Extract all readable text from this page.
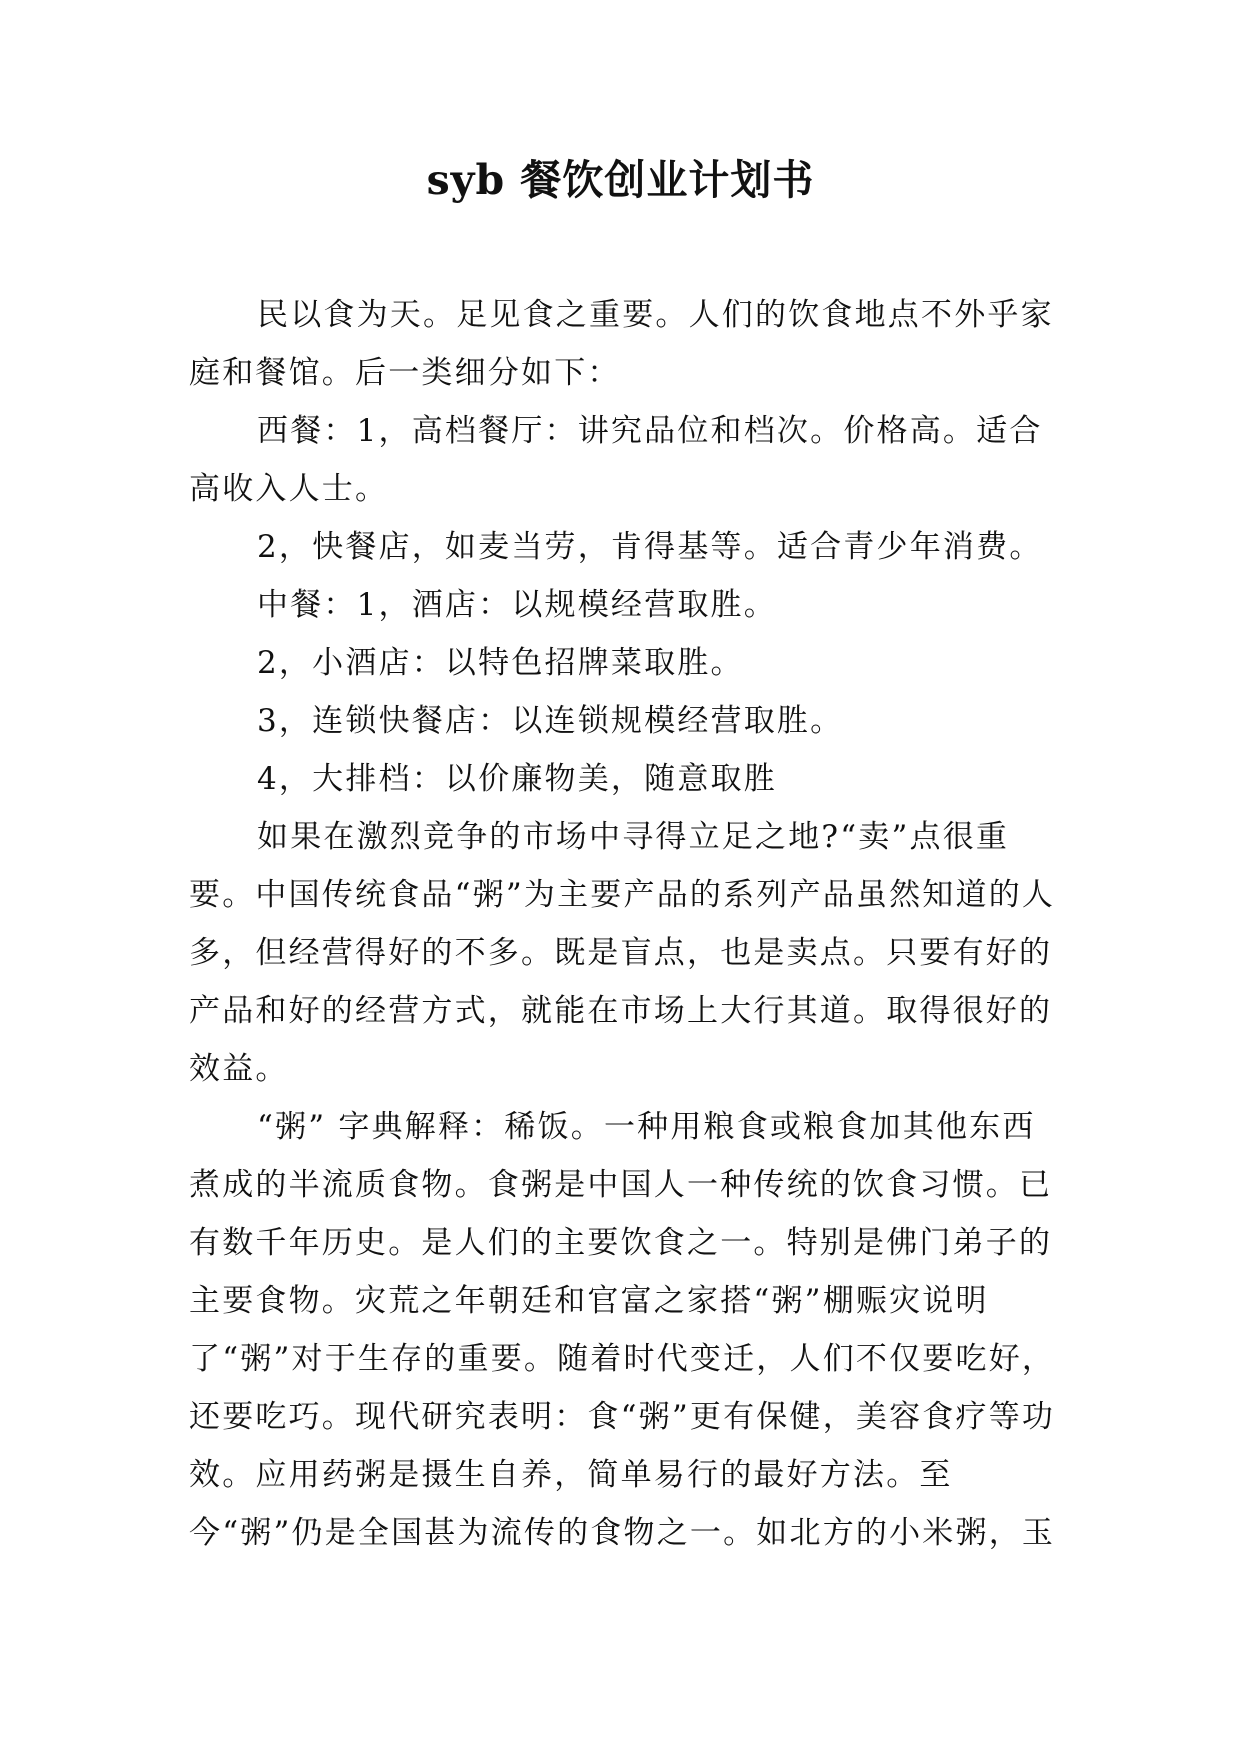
syb 餐饮创业计划书

民以食为天。足见食之重要。人们的饮食地点不外乎家庭和餐馆。后一类细分如下：

西餐：1，高档餐厅：讲究品位和档次。价格高。适合高收入人士。

2，快餐店，如麦当劳，肯得基等。适合青少年消费。

中餐：1，酒店：以规模经营取胜。

2，小酒店：以特色招牌菜取胜。

3，连锁快餐店：以连锁规模经营取胜。

4，大排档：以价廉物美，随意取胜

如果在激烈竞争的市场中寻得立足之地?“卖”点很重要。中国传统食品“粥”为主要产品的系列产品虽然知道的人多，但经营得好的不多。既是盲点，也是卖点。只要有好的产品和好的经营方式，就能在市场上大行其道。取得很好的效益。

“粥” 字典解释：稀饭。一种用粮食或粮食加其他东西煮成的半流质食物。食粥是中国人一种传统的饮食习惯。已有数千年历史。是人们的主要饮食之一。特别是佛门弟子的主要食物。灾荒之年朝廷和官富之家搭“粥”棚赈灾说明了“粥”对于生存的重要。随着时代变迁，人们不仅要吃好，还要吃巧。现代研究表明：食“粥”更有保健，美容食疗等功效。应用药粥是摄生自养，简单易行的最好方法。至今“粥”仍是全国甚为流传的食物之一。如北方的小米粥，玉
